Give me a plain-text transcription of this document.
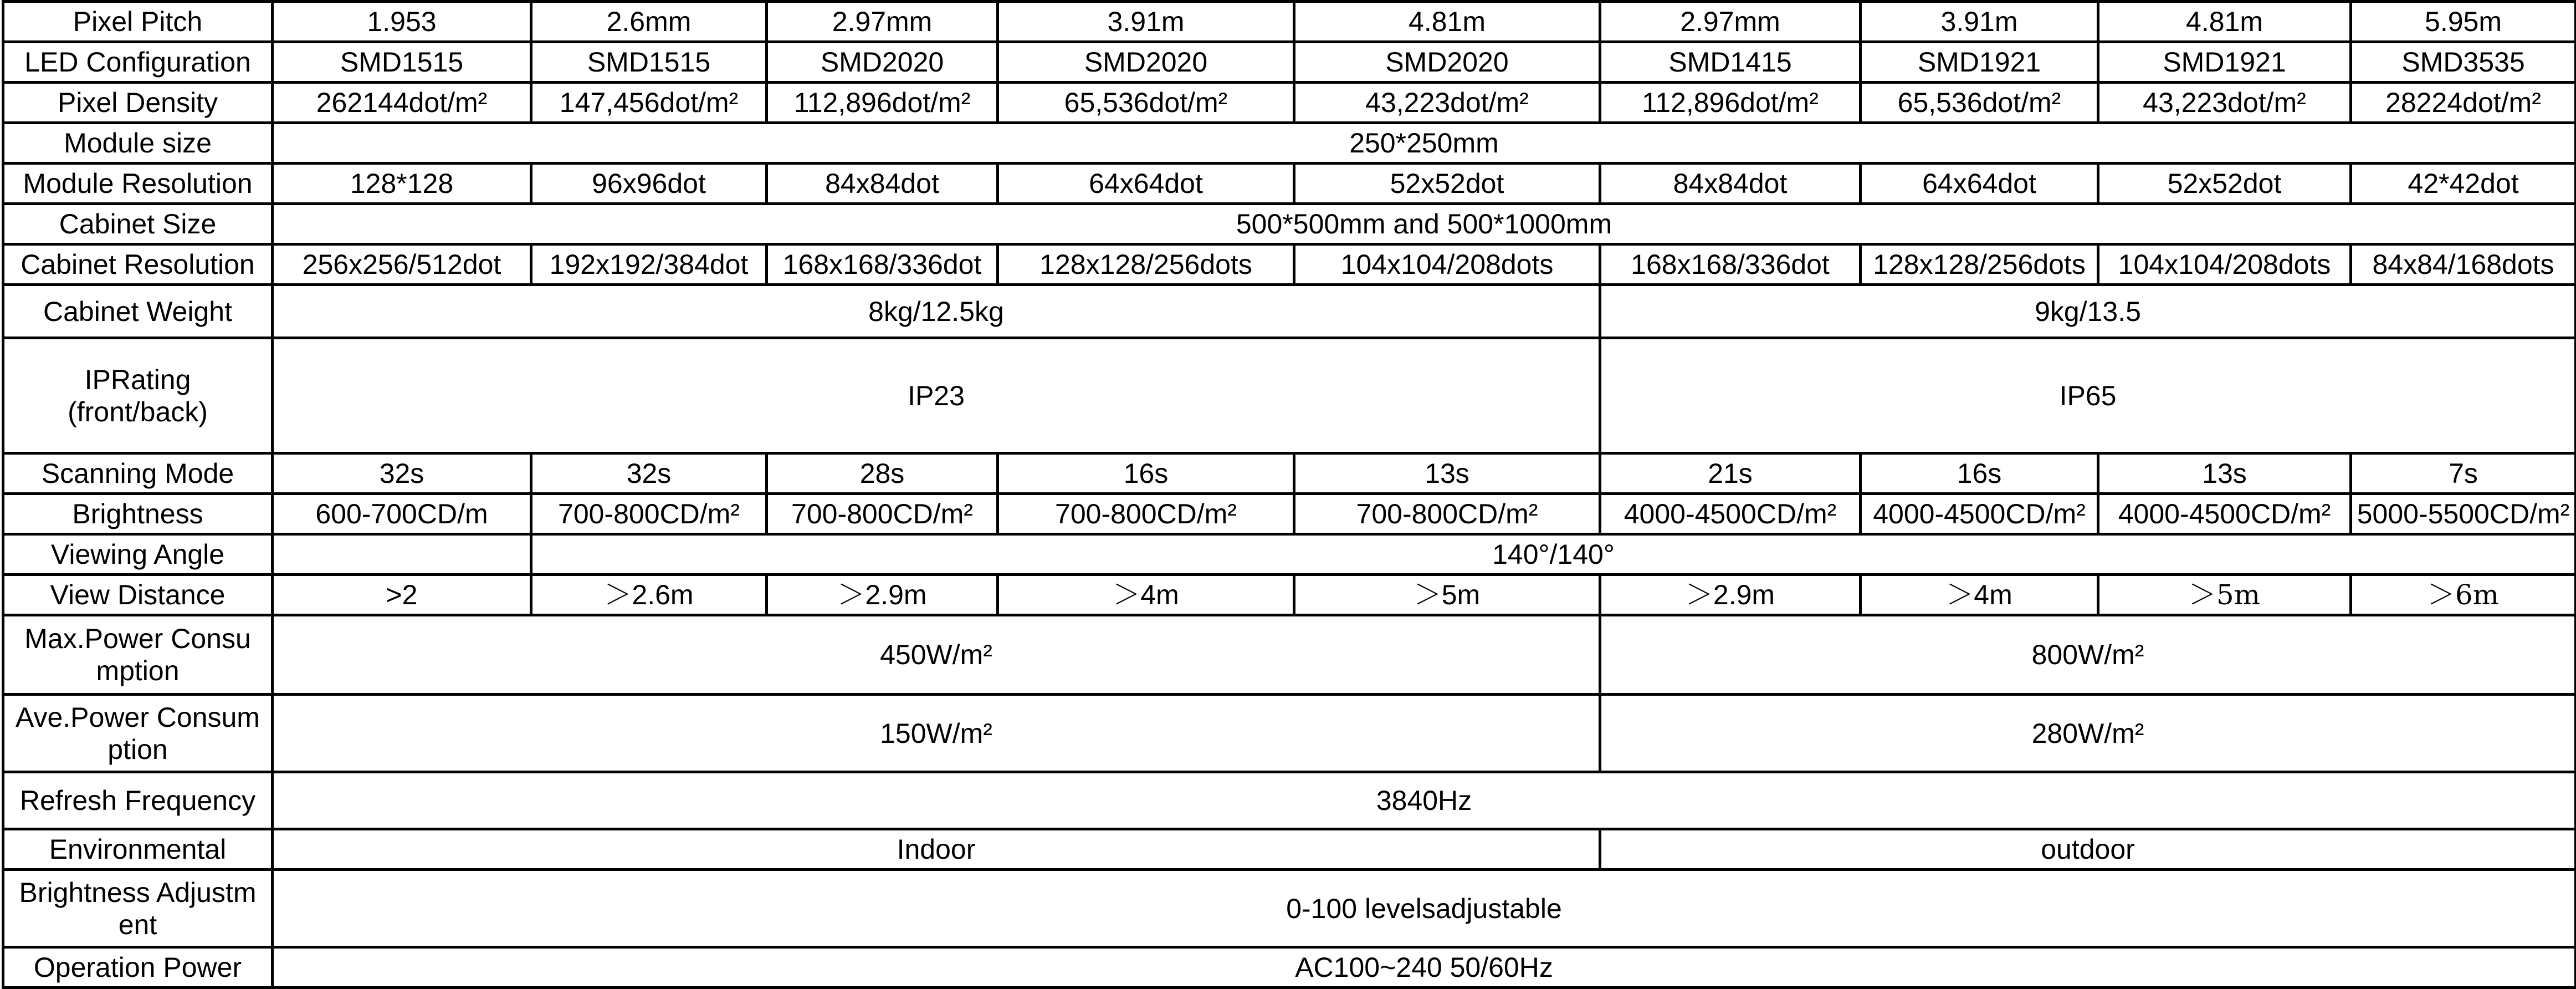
Pixel Pitch	1.953	2.6mm	2.97mm	3.91m	4.81m	2.97mm	3.91m	4.81m	5.95m
LED Configuration	SMD1515	SMD1515	SMD2020	SMD2020	SMD2020	SMD1415	SMD1921	SMD1921	SMD3535
Pixel Density	262144dot/m²	147,456dot/m²	112,896dot/m²	65,536dot/m²	43,223dot/m²	112,896dot/m²	65,536dot/m²	43,223dot/m²	28224dot/m²
Module size	250*250mm								
Module Resolution	128*128	96x96dot	84x84dot	64x64dot	52x52dot	84x84dot	64x64dot	52x52dot	42*42dot
Cabinet Size	500*500mm and 500*1000mm								
Cabinet Resolution	256x256/512dot	192x192/384dot	168x168/336dot	128x128/256dots	104x104/208dots	168x168/336dot	128x128/256dots	104x104/208dots	84x84/168dots
Cabinet Weight	8kg/12.5kg					9kg/13.5			

IPRating
(front/back)	IP23					IP65			
Scanning Mode	32s	32s	28s	16s	13s	21s	16s	13s	7s
Brightness	600-700CD/m	700-800CD/m²	700-800CD/m²	700-800CD/m²	700-800CD/m²	4000-4500CD/m²	4000-4500CD/m²	4000-4500CD/m²	5000-5500CD/m²
Viewing Angle		140°/140°							
View Distance	>2	＞2.6m	＞2.9m	＞4m	＞5m	＞2.9m	＞4m	＞5m	＞6m

Max.Power Consu
mption	450W/m²					800W/m²			

Ave.Power Consum
ption	150W/m²					280W/m²			
Refresh Frequency	3840Hz								
Environmental	Indoor					outdoor			

Brightness Adjustm
ent	0-100 levelsadjustable								
Operation Power	AC100~240 50/60Hz								
